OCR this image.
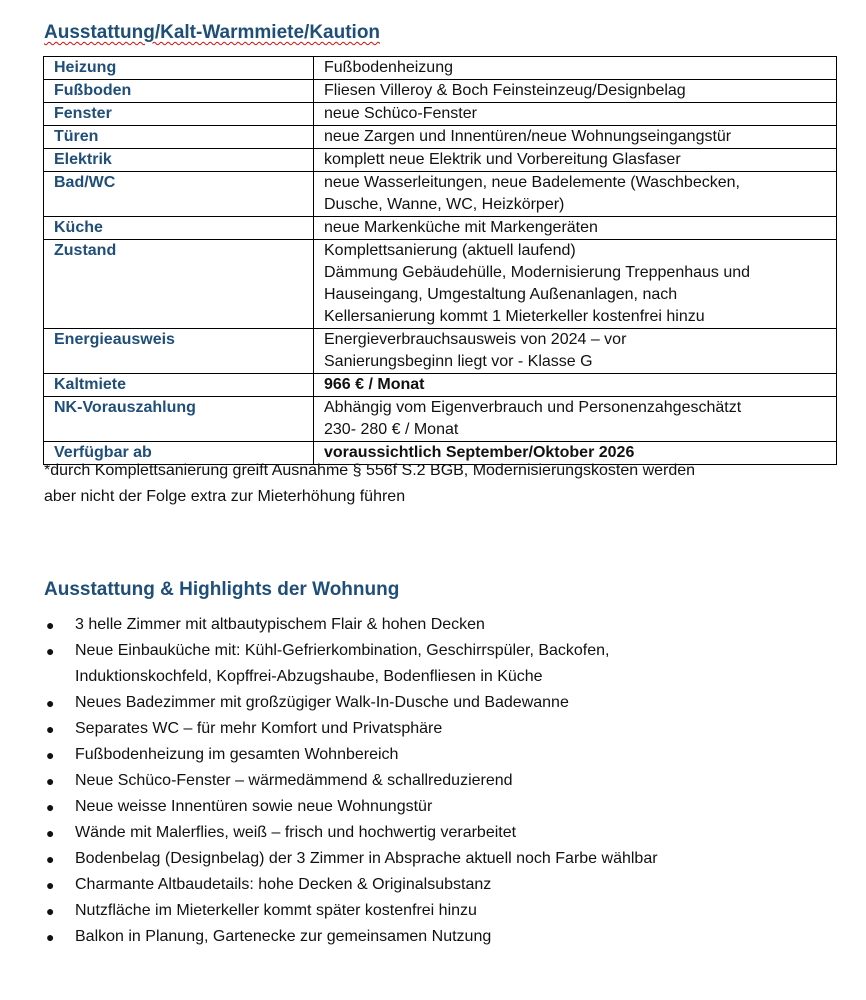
Ausstattung/Kalt-Warmmiete/Kaution
Heizung	Fußbodenheizung

Fußboden	Fliesen Villeroy & Boch Feinsteinzeug/Designbelag

Fenster	neue Schüco-Fenster

Türen	neue Zargen und Innentüren/neue Wohnungseingangstür

Elektrik	komplett neue Elektrik und Vorbereitung Glasfaser

Bad/WC	neue Wasserleitungen, neue Badelemente (Waschbecken,
Dusche, Wanne, WC, Heizkörper)

Küche	neue Markenküche mit Markengeräten

Zustand	Komplettsanierung (aktuell laufend)
Dämmung Gebäudehülle, Modernisierung Treppenhaus und
Hauseingang, Umgestaltung Außenanlagen, nach
Kellersanierung kommt 1 Mieterkeller kostenfrei hinzu

Energieausweis	Energieverbrauchsausweis von 2024 – vor
Sanierungsbeginn liegt vor - Klasse G

Kaltmiete	966 € / Monat

NK-Vorauszahlung	Abhängig vom Eigenverbrauch und Personenzahgeschätzt
230- 280 € / Monat

Verfügbar ab	voraussichtlich September/Oktober 2026
*durch Komplettsanierung greift Ausnahme § 556f S.2 BGB, Modernisierungskosten werden
aber nicht der Folge extra zur Mieterhöhung führen
Ausstattung & Highlights der Wohnung
● 3 helle Zimmer mit altbautypischem Flair & hohen Decken
● Neue Einbauküche mit: Kühl-Gefrierkombination, Geschirrspüler, Backofen,
Induktionskochfeld, Kopffrei-Abzugshaube, Bodenfliesen in Küche
● Neues Badezimmer mit großzügiger Walk-In-Dusche und Badewanne
● Separates WC – für mehr Komfort und Privatsphäre
● Fußbodenheizung im gesamten Wohnbereich
● Neue Schüco-Fenster – wärmedämmend & schallreduzierend
● Neue weisse Innentüren sowie neue Wohnungstür
● Wände mit Malerflies, weiß – frisch und hochwertig verarbeitet
● Bodenbelag (Designbelag) der 3 Zimmer in Absprache aktuell noch Farbe wählbar
● Charmante Altbaudetails: hohe Decken & Originalsubstanz
● Nutzfläche im Mieterkeller kommt später kostenfrei hinzu
● Balkon in Planung, Gartenecke zur gemeinsamen Nutzung
